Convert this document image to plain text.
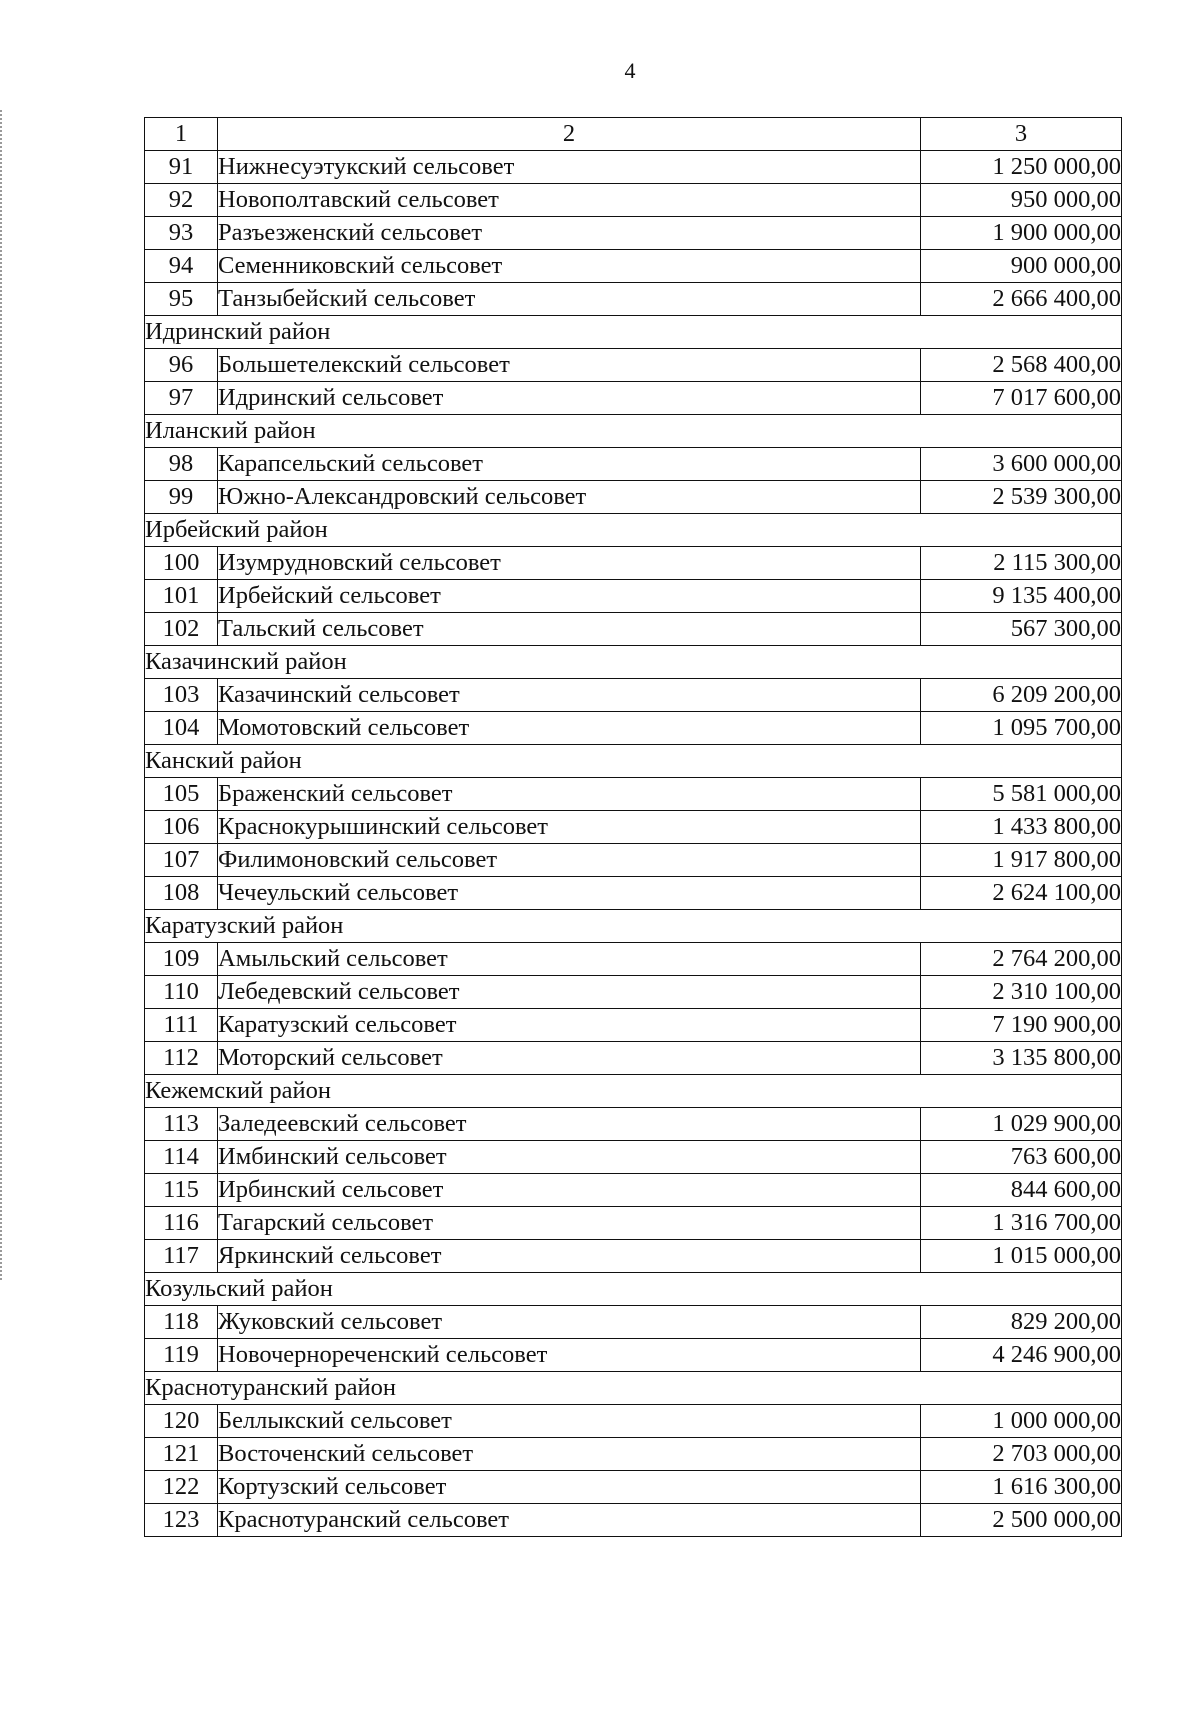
4
1	2	3
91	Нижнесуэтукский сельсовет	1 250 000,00
92	Новополтавский сельсовет	950 000,00
93	Разъезженский сельсовет	1 900 000,00
94	Семенниковский сельсовет	900 000,00
95	Танзыбейский сельсовет	2 666 400,00
Идринский район		
96	Большетелекский сельсовет	2 568 400,00
97	Идринский сельсовет	7 017 600,00
Иланский район		
98	Карапсельский сельсовет	3 600 000,00
99	Южно-Александровский сельсовет	2 539 300,00
Ирбейский район		
100	Изумрудновский сельсовет	2 115 300,00
101	Ирбейский сельсовет	9 135 400,00
102	Тальский сельсовет	567 300,00
Казачинский район		
103	Казачинский сельсовет	6 209 200,00
104	Момотовский сельсовет	1 095 700,00
Канский район		
105	Браженский сельсовет	5 581 000,00
106	Краснокурышинский сельсовет	1 433 800,00
107	Филимоновский сельсовет	1 917 800,00
108	Чечеульский сельсовет	2 624 100,00
Каратузский район		
109	Амыльский сельсовет	2 764 200,00
110	Лебедевский сельсовет	2 310 100,00
111	Каратузский сельсовет	7 190 900,00
112	Моторский сельсовет	3 135 800,00
Кежемский район		
113	Заледеевский сельсовет	1 029 900,00
114	Имбинский сельсовет	763 600,00
115	Ирбинский сельсовет	844 600,00
116	Тагарский сельсовет	1 316 700,00
117	Яркинский сельсовет	1 015 000,00
Козульский район		
118	Жуковский сельсовет	829 200,00
119	Новочернореченский сельсовет	4 246 900,00
Краснотуранский район		
120	Беллыкский сельсовет	1 000 000,00
121	Восточенский сельсовет	2 703 000,00
122	Кортузский сельсовет	1 616 300,00
123	Краснотуранский сельсовет	2 500 000,00
